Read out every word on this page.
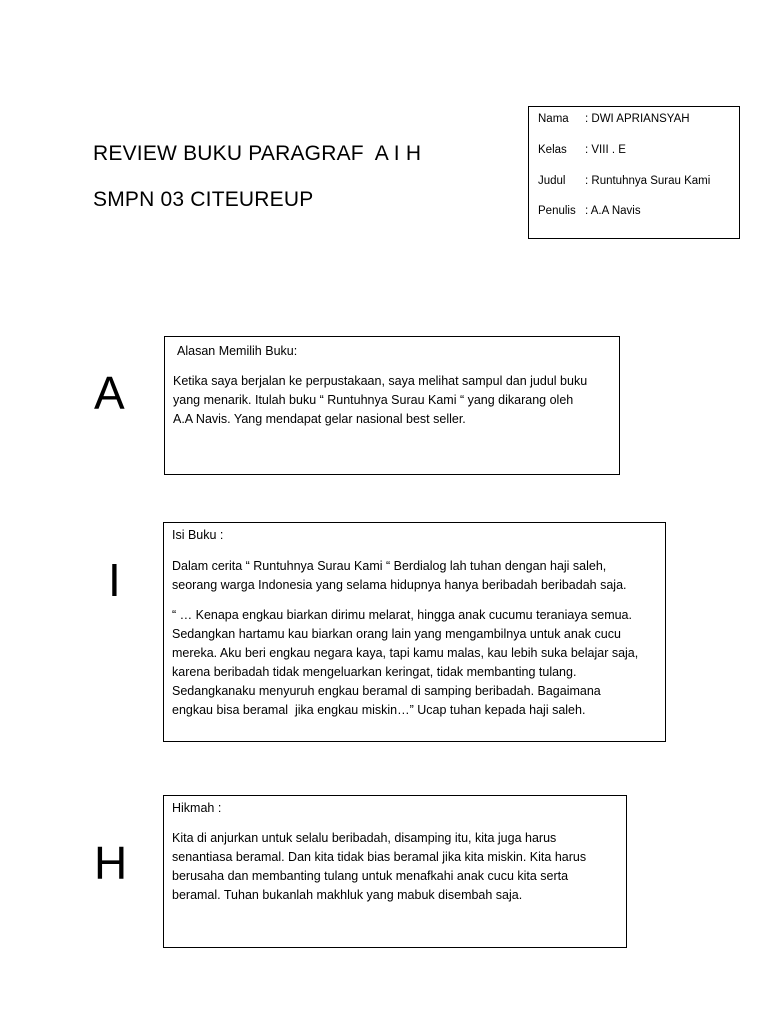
REVIEW BUKU PARAGRAF  A I H
SMPN 03 CITEUREUP
Nama : DWI APRIANSYAH
Kelas : VIII . E
Judul : Runtuhnya Surau Kami
Penulis : A.A Navis
A
Alasan Memilih Buku:
Ketika saya berjalan ke perpustakaan, saya melihat sampul dan judul buku
yang menarik. Itulah buku “ Runtuhnya Surau Kami “ yang dikarang oleh
A.A Navis. Yang mendapat gelar nasional best seller.
I
Isi Buku :
Dalam cerita “ Runtuhnya Surau Kami “ Berdialog lah tuhan dengan haji saleh,
seorang warga Indonesia yang selama hidupnya hanya beribadah beribadah saja.
“ … Kenapa engkau biarkan dirimu melarat, hingga anak cucumu teraniaya semua.
Sedangkan hartamu kau biarkan orang lain yang mengambilnya untuk anak cucu
mereka. Aku beri engkau negara kaya, tapi kamu malas, kau lebih suka belajar saja,
karena beribadah tidak mengeluarkan keringat, tidak membanting tulang.
Sedangkanaku menyuruh engkau beramal di samping beribadah. Bagaimana
engkau bisa beramal  jika engkau miskin…” Ucap tuhan kepada haji saleh.
H
Hikmah :
Kita di anjurkan untuk selalu beribadah, disamping itu, kita juga harus
senantiasa beramal. Dan kita tidak bias beramal jika kita miskin. Kita harus
berusaha dan membanting tulang untuk menafkahi anak cucu kita serta
beramal. Tuhan bukanlah makhluk yang mabuk disembah saja.
